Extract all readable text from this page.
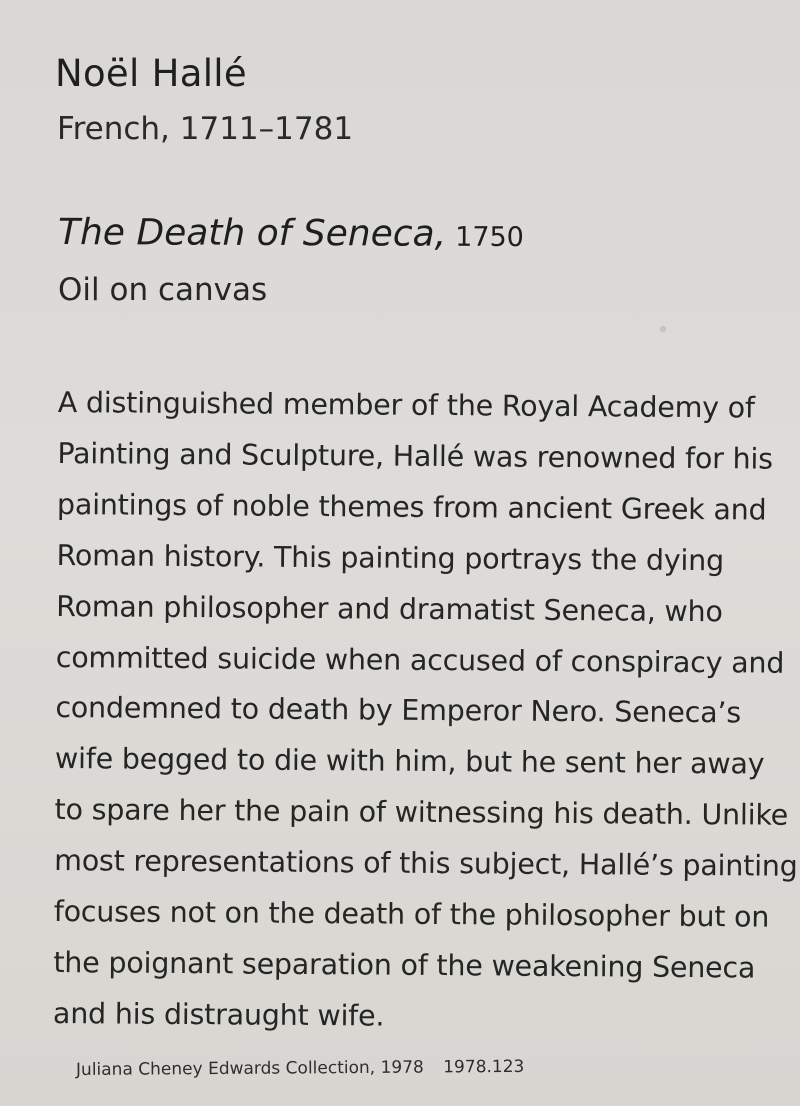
Noël Hallé
French, 1711–1781
The Death of Seneca, 1750
Oil on canvas
A distinguished member of the Royal Academy of
Painting and Sculpture, Hallé was renowned for his
paintings of noble themes from ancient Greek and
Roman history. This painting portrays the dying
Roman philosopher and dramatist Seneca, who
committed suicide when accused of conspiracy and
condemned to death by Emperor Nero. Seneca’s
wife begged to die with him, but he sent her away
to spare her the pain of witnessing his death. Unlike
most representations of this subject, Hallé’s painting
focuses not on the death of the philosopher but on
the poignant separation of the weakening Seneca
and his distraught wife.
Juliana Cheney Edwards Collection, 1978 1978.123
